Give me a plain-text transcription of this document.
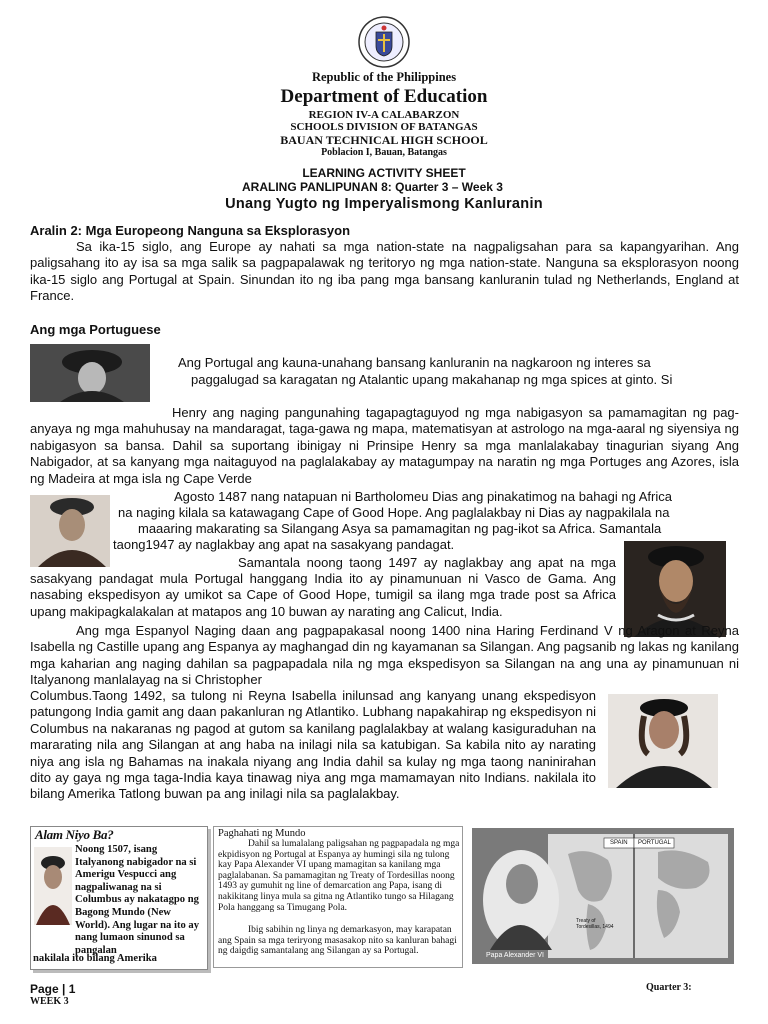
Republic of the Philippines
Department of Education
REGION IV-A CALABARZON
SCHOOLS DIVISION OF BATANGAS
BAUAN TECHNICAL HIGH SCHOOL
Poblacion I, Bauan, Batangas
LEARNING ACTIVITY SHEET
ARALING PANLIPUNAN 8: Quarter 3 – Week 3
Unang Yugto ng Imperyalismong Kanluranin
Aralin 2: Mga Europeong Nanguna sa Eksplorasyon

Sa ika-15 siglo, ang Europe ay nahati sa mga nation-state na nagpaligsahan para sa kapangyarihan. Ang paligsahang ito ay isa sa mga salik sa pagpapalawak ng teritoryo ng mga nation-state. Nanguna sa eksplorasyon noong ika-15 siglo ang Portugal at Spain. Sinundan ito ng iba pang mga bansang kanluranin tulad ng Netherlands, England at France.

Ang mga Portuguese
Ang Portugal ang kauna-unahang bansang kanluranin na nagkaroon ng interes sa
paggalugad sa karagatan ng Atalantic upang makahanap ng mga spices at ginto. Si

Henry ang naging pangunahing tagapagtaguyod ng mga nabigasyon sa pamamagitan ng pag-anyaya ng mga mahuhusay na mandaragat, taga-gawa ng mapa, matematisyan at astrologo na mga-aaral ng siyensiya ng nabigasyon sa bansa. Dahil sa suportang ibinigay ni Prinsipe Henry sa mga manlalakabay tinagurian siyang Ang Nabigador, at sa kanyang mga naitaguyod na paglalakabay ay matagumpay na naratin ng mga Portuges ang Azores, isla ng Madeira at mga isla ng Cape Verde

Agosto 1487 nang natapuan ni Bartholomeu Dias ang pinakatimog na bahagi ng Africa
na naging kilala sa katawagang Cape of Good Hope. Ang paglalakbay ni Dias ay nagpakilala na
maaaring makarating sa Silangang Asya sa pamamagitan ng pag-ikot sa Africa. Samantala
taong1947 ay naglakbay ang apat na sasakyang pandagat.
Samantala noong taong 1497 ay naglakbay ang apat na mga

sasakyang pandagat mula Portugal hanggang India ito ay pinamunuan ni Vasco de Gama. Ang nasabing ekspedisyon ay umikot sa Cape of Good Hope, tumigil sa ilang mga trade post sa Africa upang makipagkalakalan at matapos ang 10 buwan ay narating ang Calicut, India.

Ang mga Espanyol Naging daan ang pagpapakasal noong 1400 nina Haring Ferdinand V ng Aragon at Reyna Isabella ng Castille upang ang Espanya ay maghangad din ng kayamanan sa Silangan. Ang pagsanib ng lakas ng kanilang mga kaharian ang naging dahilan sa pagpapadala nila ng mga ekspedisyon sa Silangan na ang una ay pinamunuan ni Italyanong manlalayag na si Christopher

Columbus.Taong 1492, sa tulong ni Reyna Isabella inilunsad ang kanyang unang ekspedisyon patungong India gamit ang daan pakanluran ng Atlantiko. Lubhang napakahirap ng ekspedisyon ni Columbus na nakaranas ng pagod at gutom sa kanilang paglalakbay at walang kasiguraduhan na mararating nila ang Silangan at ang haba na inilagi nila sa katubigan. Sa kabila nito ay narating niya ang isla ng Bahamas na inakala niyang ang India dahil sa kulay ng mga taong naninirahan dito ay gaya ng mga taga-India kaya tinawag niya ang mga mamamayan nito Indians. nakilala ito bilang Amerika Tatlong buwan pa ang inilagi nila sa paglalakbay.

Alam Niyo Ba?
Noong 1507, isang Italyanong nabigador na si Amerigu Vespucci ang nagpaliwanag na si Columbus ay nakatagpo ng Bagong Mundo (New World). Ang lugar na ito ay nang lumaon sinunod sa pangalan
nakilala ito bilang Amerika
Paghahati ng Mundo
Dahil sa lumalalang paligsahan ng pagpapadala ng mga ekpidisyon ng Portugal at Espanya ay humingi sila ng tulong kay Papa Alexander VI upang mamagitan sa kanilang mga paglalabanan. Sa pamamagitan ng Treaty of Tordesillas noong 1493 ay gumuhit ng line of demarcation ang Papa, isang di nakikitang linya mula sa gitna ng Atlantiko tungo sa Hilagang Pola hanggang sa Timugang Pola.
Ibig sabihin ng linya ng demarkasyon, may karapatan ang Spain sa mga teriryong masasakop nito sa kanluran bahagi ng daigdig samantalang ang Silangan ay sa Portugal.
SPAIN PORTUGAL
Treaty of Tordesillas, 1494
Papa Alexander VI
Page | 1
WEEK 3
Quarter 3:
